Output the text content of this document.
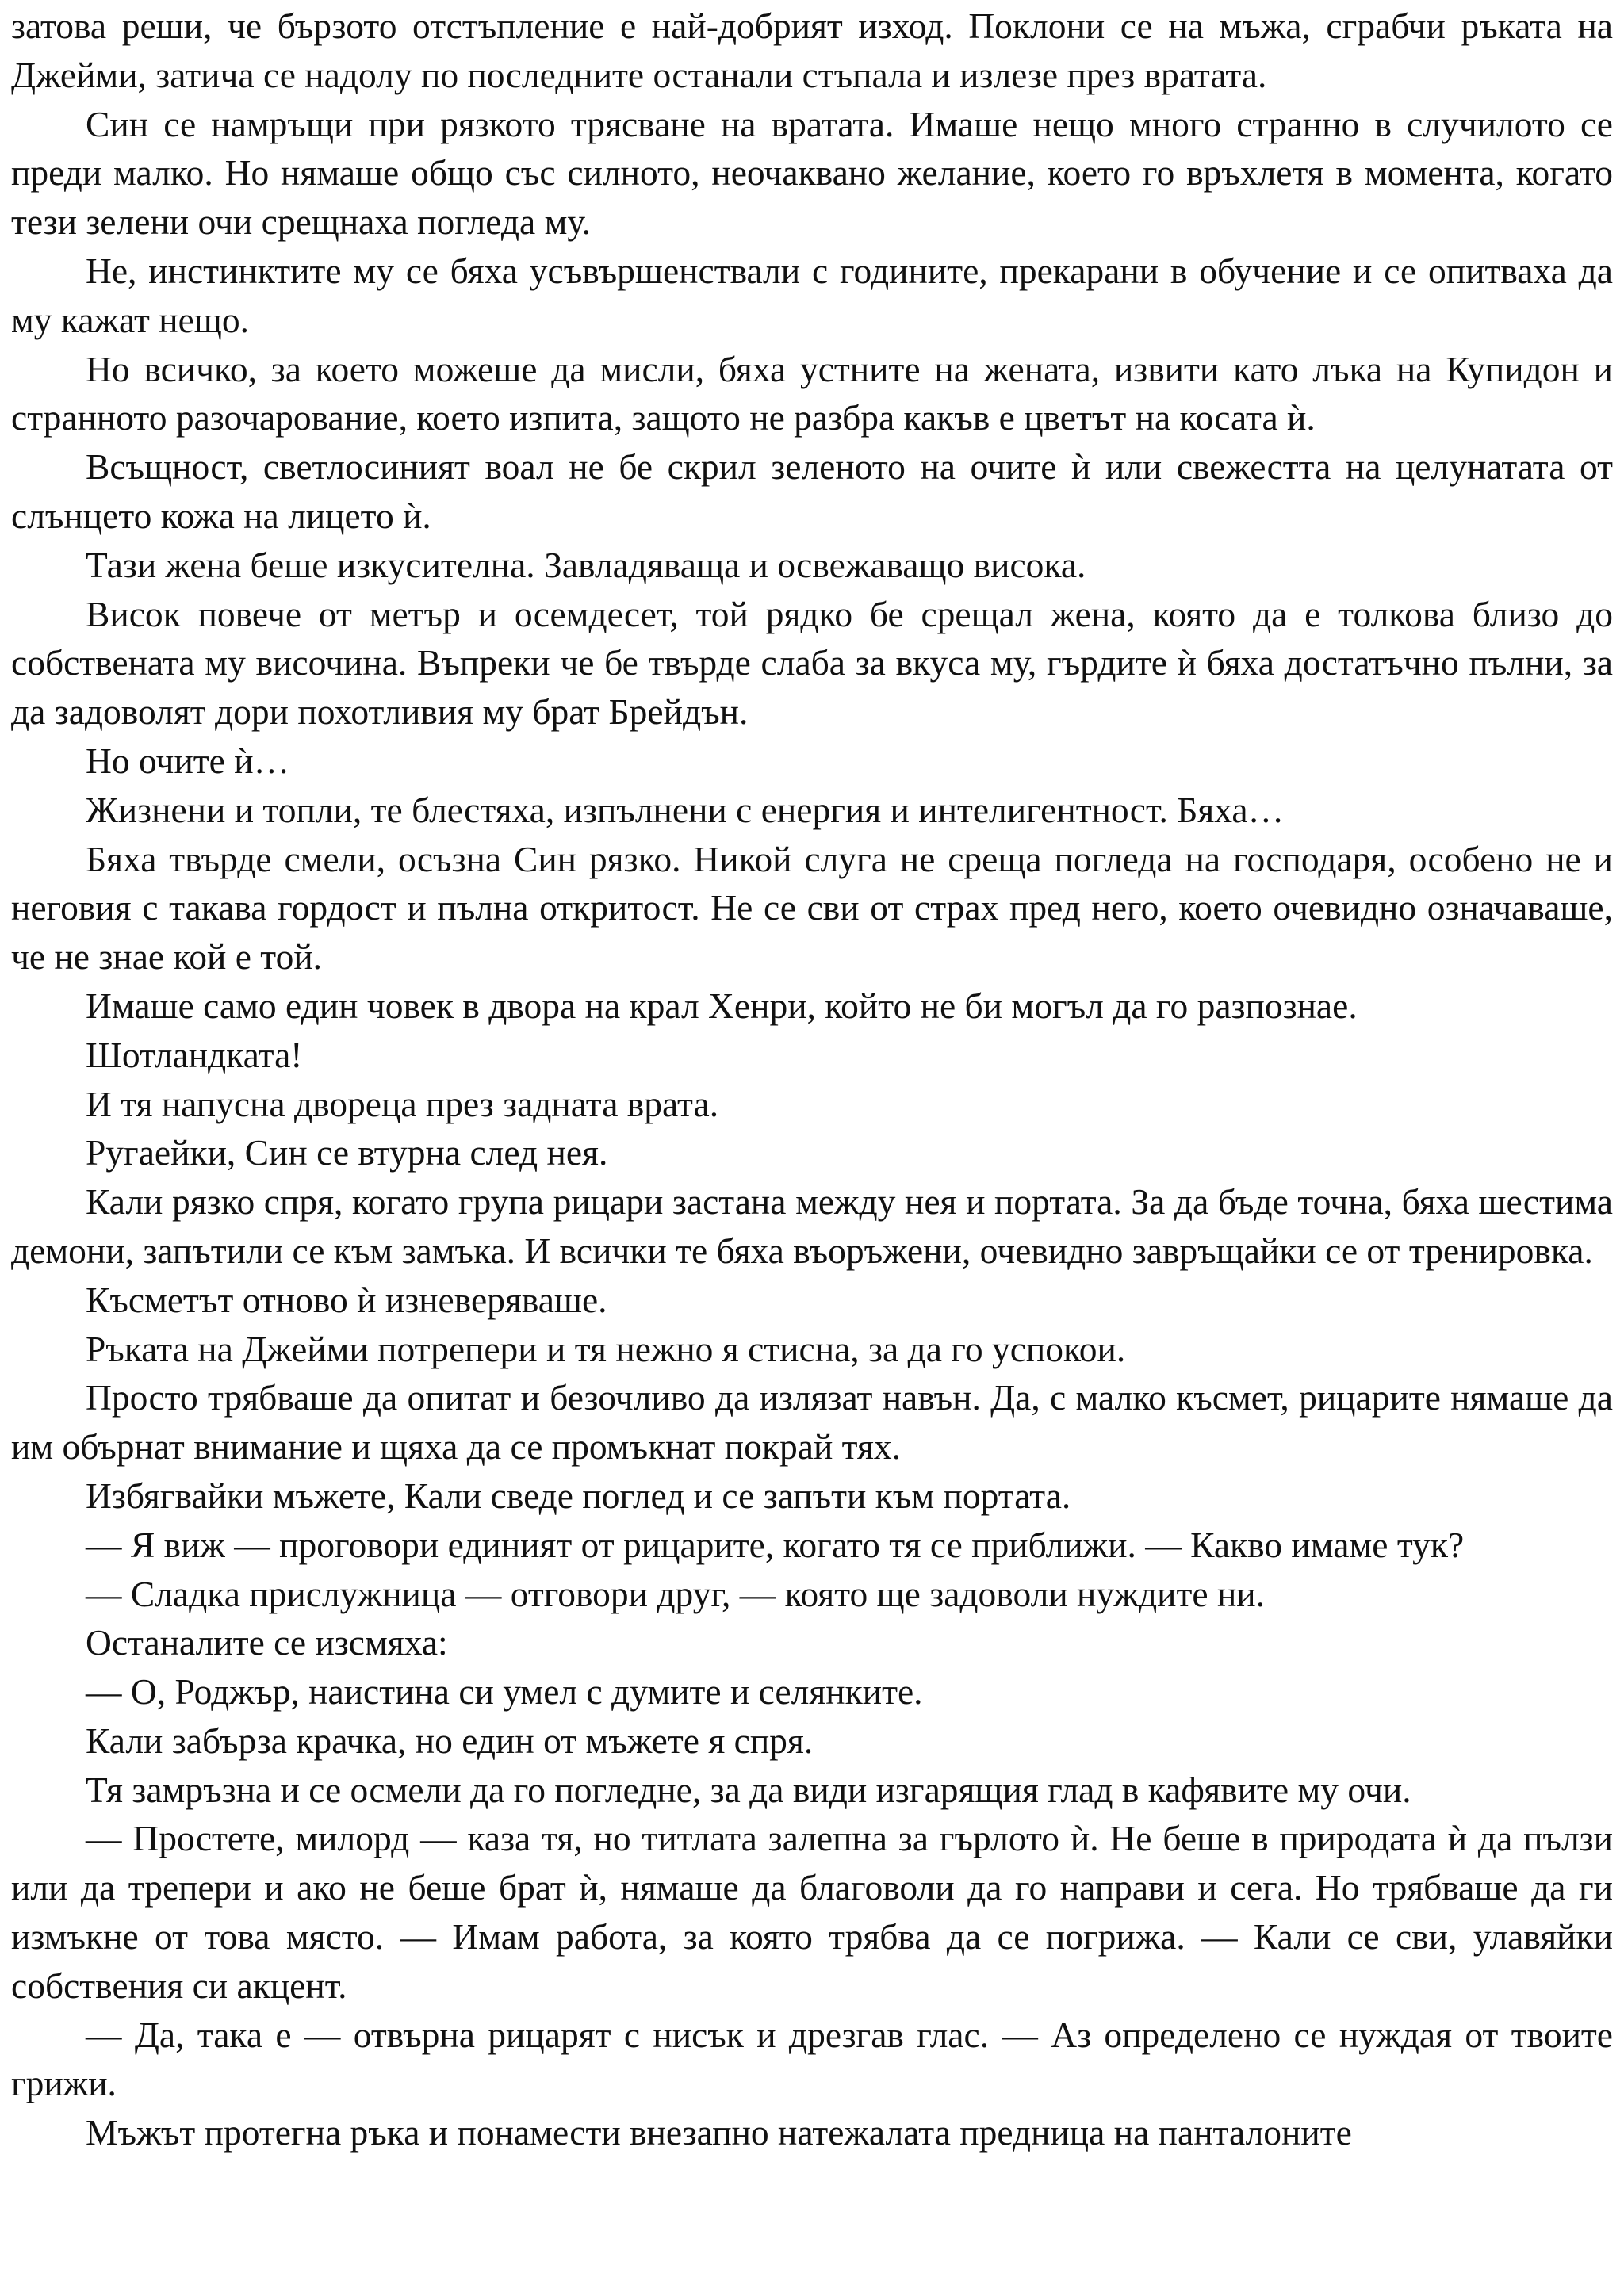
затова реши, че бързото отстъпление е най-добрият изход. Поклони се на мъжа, сграбчи ръката на Джейми, затича се надолу по последните останали стъпала и излезе през вратата.

Син се намръщи при рязкото трясване на вратата. Имаше нещо много странно в случилото се преди малко. Но нямаше общо със силното, неочаквано желание, което го връхлетя в момента, когато тези зелени очи срещнаха погледа му.

Не, инстинктите му се бяха усъвършенствали с годините, прекарани в обучение и се опитваха да му кажат нещо.

Но всичко, за което можеше да мисли, бяха устните на жената, извити като лъка на Купидон и странното разочарование, което изпита, защото не разбра какъв е цветът на косата ѝ.

Всъщност, светлосиният воал не бе скрил зеленото на очите ѝ или свежестта на целунатата от слънцето кожа на лицето ѝ.

Тази жена беше изкусителна. Завладяваща и освежаващо висока.

Висок повече от метър и осемдесет, той рядко бе срещал жена, която да е толкова близо до собствената му височина. Въпреки че бе твърде слаба за вкуса му, гърдите ѝ бяха достатъчно пълни, за да задоволят дори похотливия му брат Брейдън.

Но очите ѝ…

Жизнени и топли, те блестяха, изпълнени с енергия и интелигентност. Бяха…

Бяха твърде смели, осъзна Син рязко. Никой слуга не среща погледа на господаря, особено не и неговия с такава гордост и пълна откритост. Не се сви от страх пред него, което очевидно означаваше, че не знае кой е той.

Имаше само един човек в двора на крал Хенри, който не би могъл да го разпознае.

Шотландката!

И тя напусна двореца през задната врата.

Ругаейки, Син се втурна след нея.

Кали рязко спря, когато група рицари застана между нея и портата. За да бъде точна, бяха шестима демони, запътили се към замъка. И всички те бяха въоръжени, очевидно завръщайки се от тренировка.

Късметът отново ѝ изневеряваше.

Ръката на Джейми потрепери и тя нежно я стисна, за да го успокои.

Просто трябваше да опитат и безочливо да излязат навън. Да, с малко късмет, рицарите нямаше да им обърнат внимание и щяха да се промъкнат покрай тях.

Избягвайки мъжете, Кали сведе поглед и се запъти към портата.

— Я виж — проговори единият от рицарите, когато тя се приближи. — Какво имаме тук?

— Сладка прислужница — отговори друг, — която ще задоволи нуждите ни.

Останалите се изсмяха:

— О, Роджър, наистина си умел с думите и селянките.

Кали забърза крачка, но един от мъжете я спря.

Тя замръзна и се осмели да го погледне, за да види изгарящия глад в кафявите му очи.

— Простете, милорд — каза тя, но титлата залепна за гърлото ѝ. Не беше в природата ѝ да пълзи или да трепери и ако не беше брат ѝ, нямаше да благоволи да го направи и сега. Но трябваше да ги измъкне от това място. — Имам работа, за която трябва да се погрижа. — Кали се сви, улавяйки собствения си акцент.

— Да, така е — отвърна рицарят с нисък и дрезгав глас. — Аз определено се нуждая от твоите грижи.

Мъжът протегна ръка и понамести внезапно натежалата предница на панталоните
